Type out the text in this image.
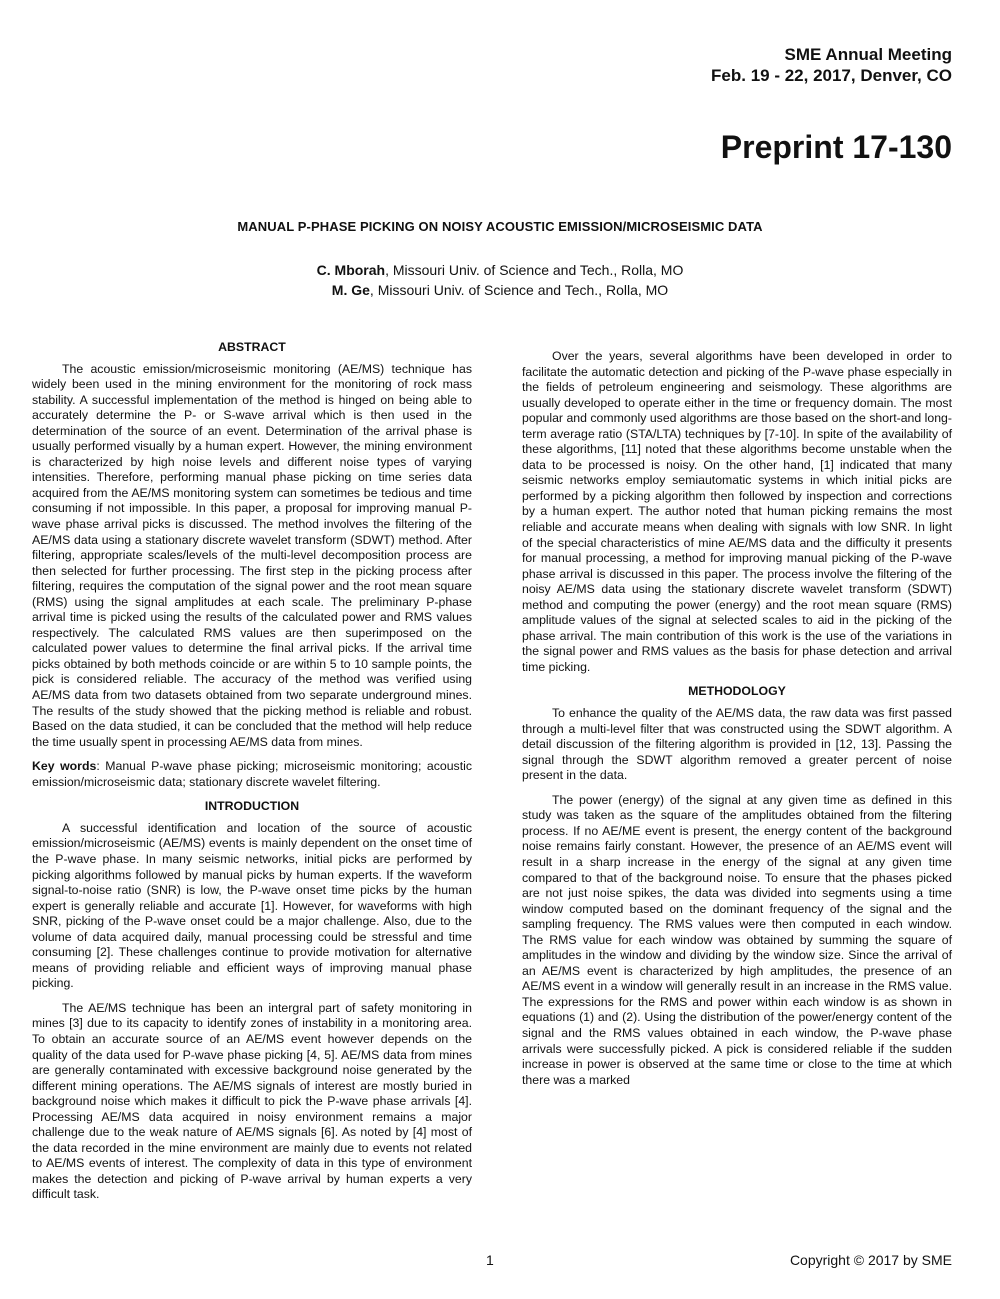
SME Annual Meeting
Feb. 19 - 22, 2017, Denver, CO
Preprint 17-130
MANUAL P-PHASE PICKING ON NOISY ACOUSTIC EMISSION/MICROSEISMIC DATA
C. Mborah, Missouri Univ. of Science and Tech., Rolla, MO
M. Ge, Missouri Univ. of Science and Tech., Rolla, MO
ABSTRACT

The acoustic emission/microseismic monitoring (AE/MS) technique has widely been used in the mining environment for the monitoring of rock mass stability. A successful implementation of the method is hinged on being able to accurately determine the P- or S-wave arrival which is then used in the determination of the source of an event. Determination of the arrival phase is usually performed visually by a human expert. However, the mining environment is characterized by high noise levels and different noise types of varying intensities. Therefore, performing manual phase picking on time series data acquired from the AE/MS monitoring system can sometimes be tedious and time consuming if not impossible. In this paper, a proposal for improving manual P-wave phase arrival picks is discussed. The method involves the filtering of the AE/MS data using a stationary discrete wavelet transform (SDWT) method. After filtering, appropriate scales/levels of the multi-level decomposition process are then selected for further processing. The first step in the picking process after filtering, requires the computation of the signal power and the root mean square (RMS) using the signal amplitudes at each scale. The preliminary P-phase arrival time is picked using the results of the calculated power and RMS values respectively. The calculated RMS values are then superimposed on the calculated power values to determine the final arrival picks. If the arrival time picks obtained by both methods coincide or are within 5 to 10 sample points, the pick is considered reliable. The accuracy of the method was verified using AE/MS data from two datasets obtained from two separate underground mines. The results of the study showed that the picking method is reliable and robust. Based on the data studied, it can be concluded that the method will help reduce the time usually spent in processing AE/MS data from mines.

Key words: Manual P-wave phase picking; microseismic monitoring; acoustic emission/microseismic data; stationary discrete wavelet filtering.

INTRODUCTION

A successful identification and location of the source of acoustic emission/microseismic (AE/MS) events is mainly dependent on the onset time of the P-wave phase. In many seismic networks, initial picks are performed by picking algorithms followed by manual picks by human experts. If the waveform signal-to-noise ratio (SNR) is low, the P-wave onset time picks by the human expert is generally reliable and accurate [1]. However, for waveforms with high SNR, picking of the P-wave onset could be a major challenge. Also, due to the volume of data acquired daily, manual processing could be stressful and time consuming [2]. These challenges continue to provide motivation for alternative means of providing reliable and efficient ways of improving manual phase picking.

The AE/MS technique has been an intergral part of safety monitoring in mines [3] due to its capacity to identify zones of instability in a monitoring area. To obtain an accurate source of an AE/MS event however depends on the quality of the data used for P-wave phase picking [4, 5]. AE/MS data from mines are generally contaminated with excessive background noise generated by the different mining operations. The AE/MS signals of interest are mostly buried in background noise which makes it difficult to pick the P-wave phase arrivals [4]. Processing AE/MS data acquired in noisy environment remains a major challenge due to the weak nature of AE/MS signals [6]. As noted by [4] most of the data recorded in the mine environment are mainly due to events not related to AE/MS events of interest. The complexity of data in this type of environment makes the detection and picking of P-wave arrival by human experts a very difficult task.

Over the years, several algorithms have been developed in order to facilitate the automatic detection and picking of the P-wave phase especially in the fields of petroleum engineering and seismology. These algorithms are usually developed to operate either in the time or frequency domain. The most popular and commonly used algorithms are those based on the short-and long-term average ratio (STA/LTA) techniques by [7-10]. In spite of the availability of these algorithms, [11] noted that these algorithms become unstable when the data to be processed is noisy. On the other hand, [1] indicated that many seismic networks employ semiautomatic systems in which initial picks are performed by a picking algorithm then followed by inspection and corrections by a human expert. The author noted that human picking remains the most reliable and accurate means when dealing with signals with low SNR. In light of the special characteristics of mine AE/MS data and the difficulty it presents for manual processing, a method for improving manual picking of the P-wave phase arrival is discussed in this paper. The process involve the filtering of the noisy AE/MS data using the stationary discrete wavelet transform (SDWT) method and computing the power (energy) and the root mean square (RMS) amplitude values of the signal at selected scales to aid in the picking of the phase arrival. The main contribution of this work is the use of the variations in the signal power and RMS values as the basis for phase detection and arrival time picking.

METHODOLOGY

To enhance the quality of the AE/MS data, the raw data was first passed through a multi-level filter that was constructed using the SDWT algorithm. A detail discussion of the filtering algorithm is provided in [12, 13]. Passing the signal through the SDWT algorithm removed a greater percent of noise present in the data.

The power (energy) of the signal at any given time as defined in this study was taken as the square of the amplitudes obtained from the filtering process. If no AE/ME event is present, the energy content of the background noise remains fairly constant. However, the presence of an AE/MS event will result in a sharp increase in the energy of the signal at any given time compared to that of the background noise. To ensure that the phases picked are not just noise spikes, the data was divided into segments using a time window computed based on the dominant frequency of the signal and the sampling frequency. The RMS values were then computed in each window. The RMS value for each window was obtained by summing the square of amplitudes in the window and dividing by the window size. Since the arrival of an AE/MS event is characterized by high amplitudes, the presence of an AE/MS event in a window will generally result in an increase in the RMS value. The expressions for the RMS and power within each window is as shown in equations (1) and (2). Using the distribution of the power/energy content of the signal and the RMS values obtained in each window, the P-wave phase arrivals were successfully picked. A pick is considered reliable if the sudden increase in power is observed at the same time or close to the time at which there was a marked

1	Copyright © 2017 by SME
